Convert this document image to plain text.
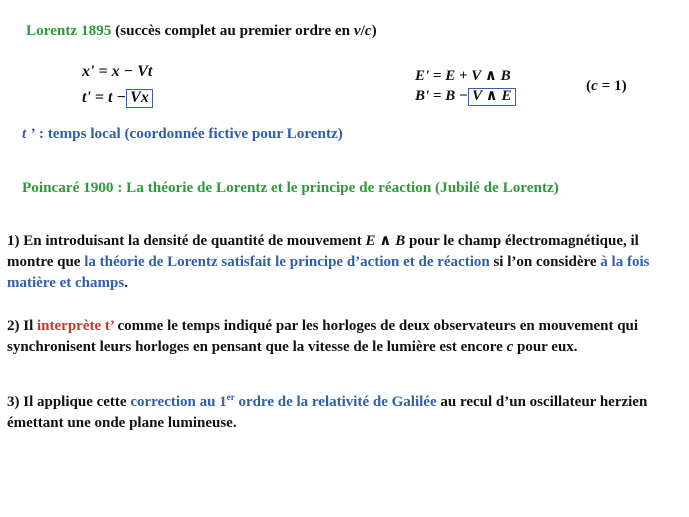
Lorentz 1895 (succès complet au premier ordre en v/c)
x' = x − Vt
t' = t − Vx
E' = E + V ∧ B
B' = B − V ∧ E
(c = 1)
t ’ : temps local (coordonnée fictive pour Lorentz)
Poincaré 1900 : La théorie de Lorentz et le principe de réaction (Jubilé de Lorentz)
1) En introduisant la densité de quantité de mouvement E ∧ B pour le champ électromagnétique, il montre que la théorie de Lorentz satisfait le principe d’action et de réaction si l’on considère à la fois matière et champs.
2) Il interprète t’ comme le temps indiqué par les horloges de deux observateurs en mouvement qui synchronisent leurs horloges en pensant que la vitesse de le lumière est encore c pour eux.
3) Il applique cette correction au 1er ordre de la relativité de Galilée au recul d’un oscillateur herzien émettant une onde plane lumineuse.
